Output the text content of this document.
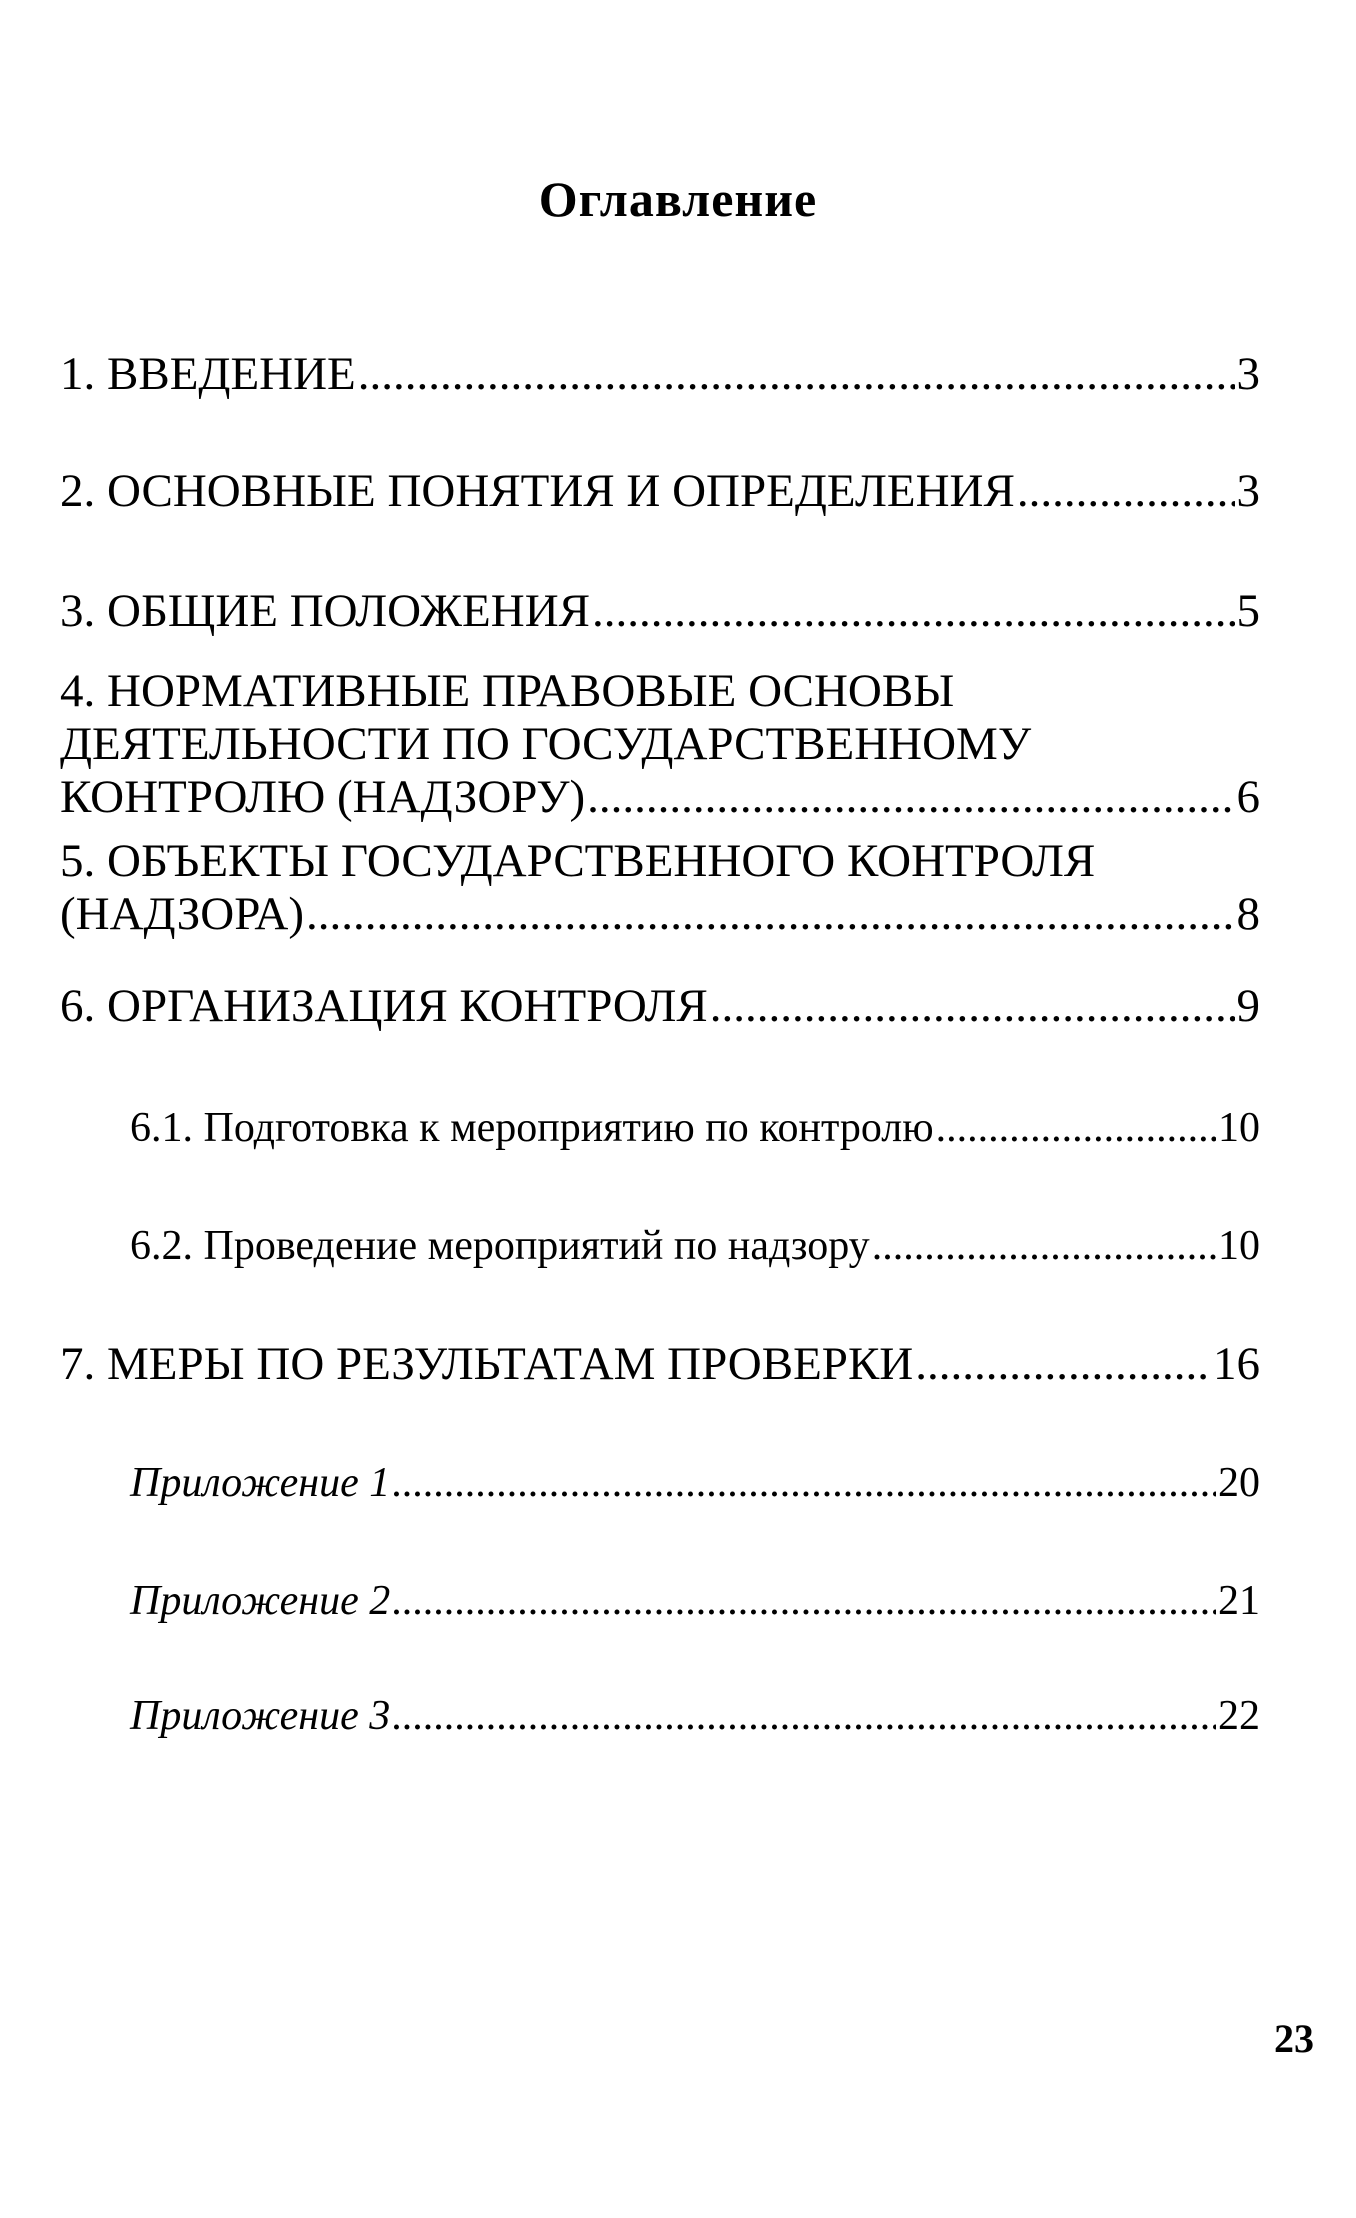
Оглавление
1. ВВЕДЕНИЕ .....	3
2. ОСНОВНЫЕ ПОНЯТИЯ И ОПРЕДЕЛЕНИЯ .....	3
3. ОБЩИЕ ПОЛОЖЕНИЯ .....	5
4. НОРМАТИВНЫЕ ПРАВОВЫЕ ОСНОВЫ
ДЕЯТЕЛЬНОСТИ ПО ГОСУДАРСТВЕННОМУ
КОНТРОЛЮ (НАДЗОРУ) .....	6
5. ОБЪЕКТЫ ГОСУДАРСТВЕННОГО КОНТРОЛЯ
(НАДЗОРА) .....	8
6. ОРГАНИЗАЦИЯ КОНТРОЛЯ .....	9
6.1. Подготовка к мероприятию по контролю .....	10
6.2. Проведение мероприятий по надзору .....	10
7. МЕРЫ ПО РЕЗУЛЬТАТАМ ПРОВЕРКИ .....	16
Приложение 1 .....	20
Приложение 2 .....	21
Приложение 3 .....	22

23
